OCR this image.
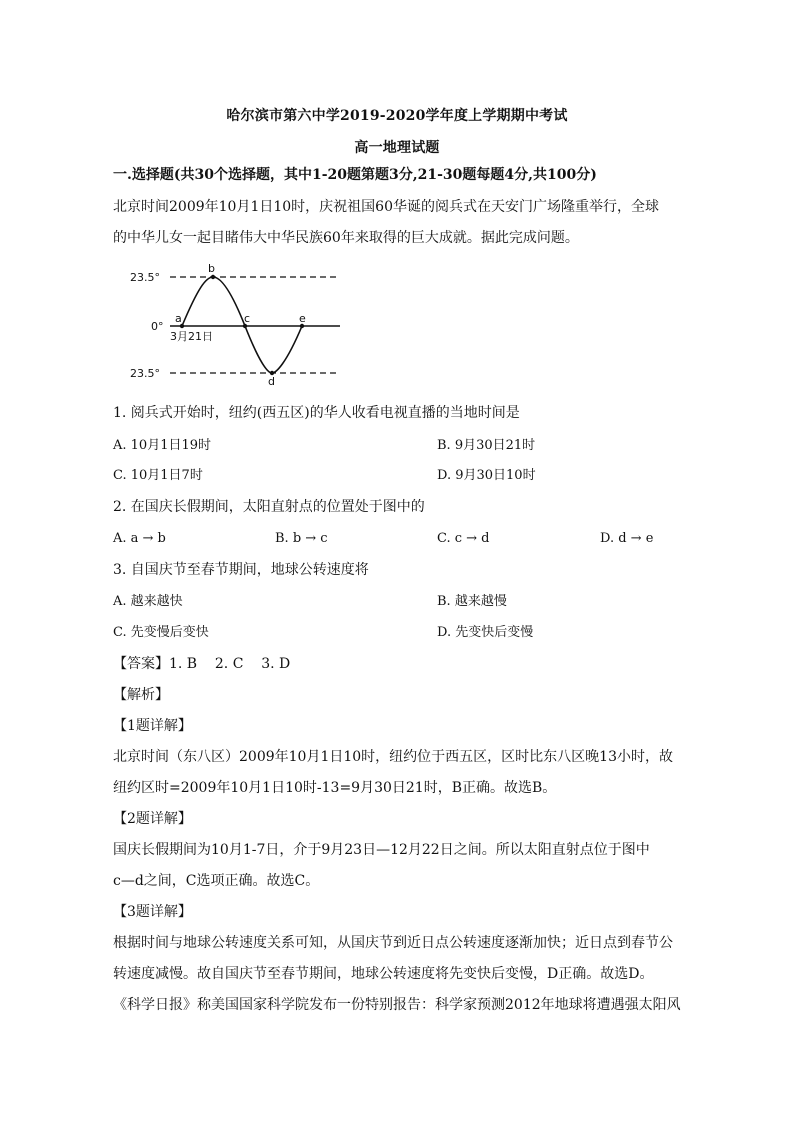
哈尔滨市第六中学2019-2020学年度上学期期中考试
高一地理试题
一.选择题(共30个选择题，其中1-20题第题3分,21-30题每题4分,共100分)
北京时间2009年10月1日10时，庆祝祖国60华诞的阅兵式在天安门广场隆重举行，全球
的中华儿女一起目睹伟大中华民族60年来取得的巨大成就。据此完成问题。
23.5°
0°
23.5°
a
b
c
d
e
3月21日
1. 阅兵式开始时，纽约(西五区)的华人收看电视直播的当地时间是
A. 10月1日19时	B. 9月30日21时
C. 10月1日7时	D. 9月30日10时
2. 在国庆长假期间，太阳直射点的位置处于图中的
A. a → b	B. b → c	C. c → d	D. d → e
3. 自国庆节至春节期间，地球公转速度将
A. 越来越快	B. 越来越慢
C. 先变慢后变快	D. 先变快后变慢
【答案】1. B    2. C    3. D
【解析】
【1题详解】
北京时间（东八区）2009年10月1日10时，纽约位于西五区，区时比东八区晚13小时，故
纽约区时=2009年10月1日10时-13=9月30日21时，B正确。故选B。
【2题详解】
国庆长假期间为10月1-7日，介于9月23日—12月22日之间。所以太阳直射点位于图中
c—d之间，C选项正确。故选C。
【3题详解】
根据时间与地球公转速度关系可知，从国庆节到近日点公转速度逐渐加快；近日点到春节公
转速度减慢。故自国庆节至春节期间，地球公转速度将先变快后变慢，D正确。故选D。
《科学日报》称美国国家科学院发布一份特别报告：科学家预测2012年地球将遭遇强太阳风
